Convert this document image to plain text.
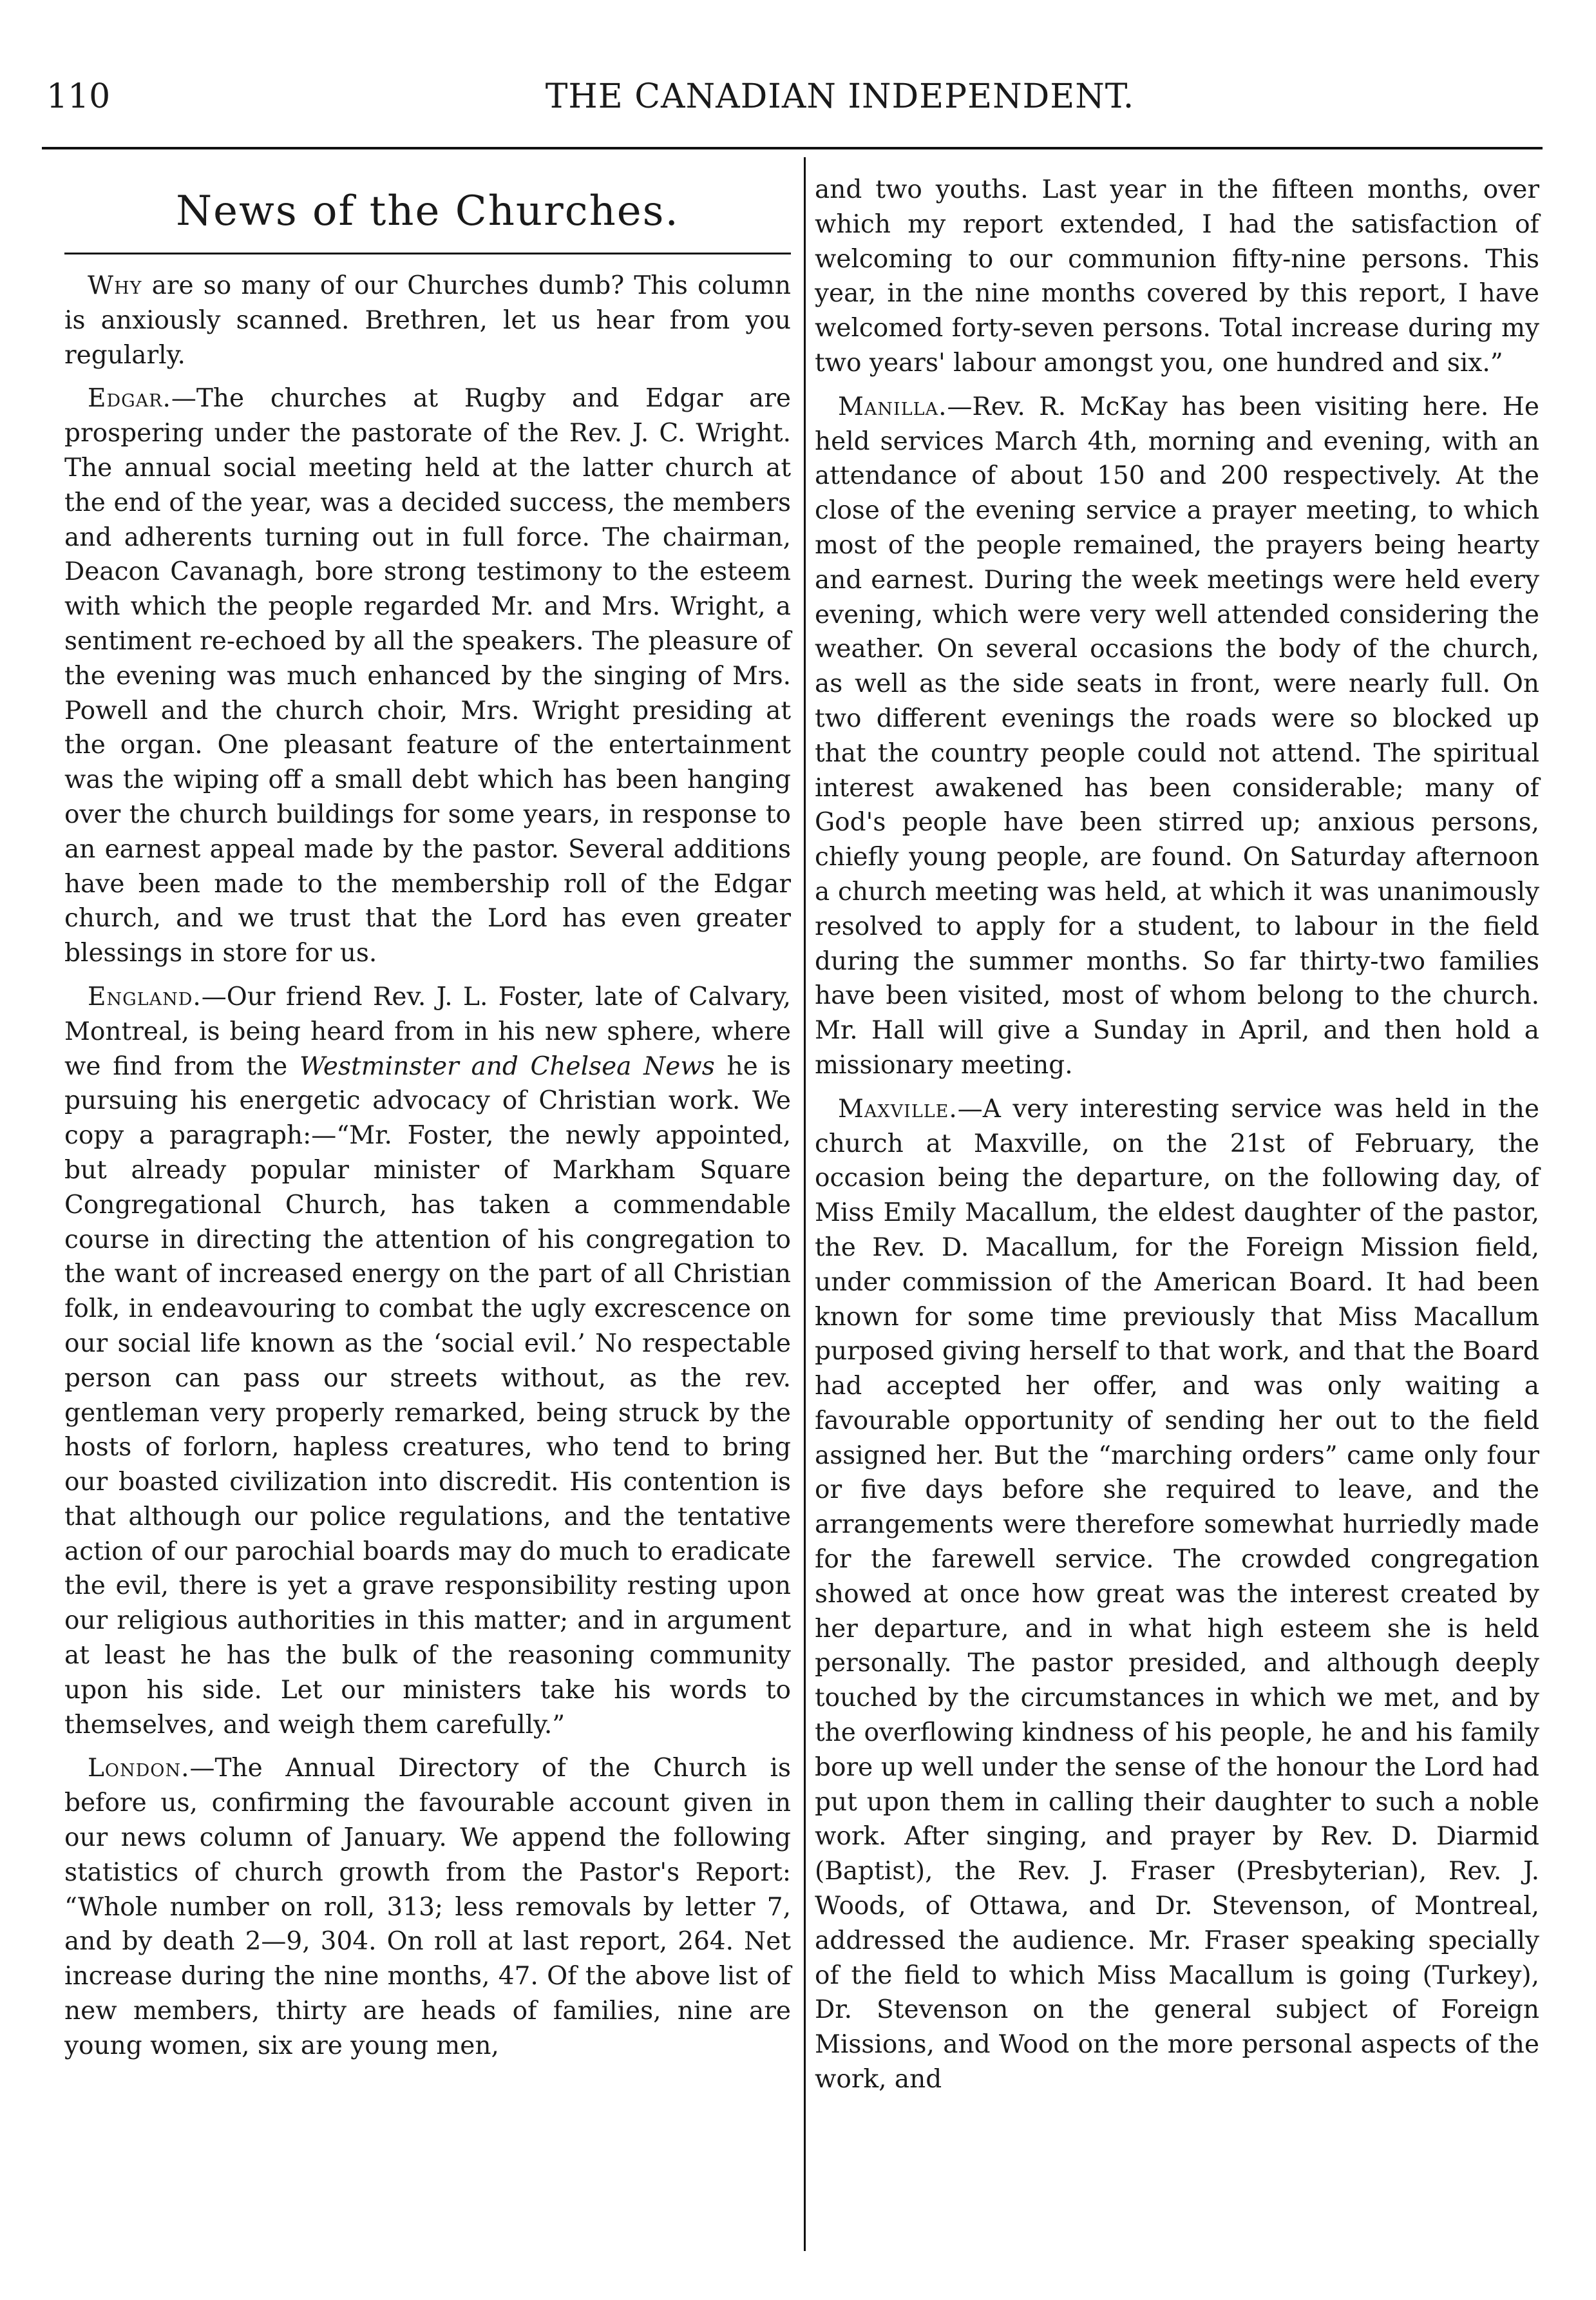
110	THE CANADIAN INDEPENDENT.
News of the Churches.

Why are so many of our Churches dumb? This column is anxiously scanned. Brethren, let us hear from you regularly.

Edgar.—The churches at Rugby and Edgar are prospering under the pastorate of the Rev. J. C. Wright. The annual social meeting held at the latter church at the end of the year, was a decided success, the members and adherents turning out in full force. The chairman, Deacon Cavanagh, bore strong testimony to the esteem with which the people regarded Mr. and Mrs. Wright, a sentiment re-echoed by all the speakers. The pleasure of the evening was much enhanced by the singing of Mrs. Powell and the church choir, Mrs. Wright presiding at the organ. One pleasant feature of the entertainment was the wiping off a small debt which has been hanging over the church buildings for some years, in response to an earnest appeal made by the pastor. Several additions have been made to the membership roll of the Edgar church, and we trust that the Lord has even greater blessings in store for us.

England.—Our friend Rev. J. L. Foster, late of Calvary, Montreal, is being heard from in his new sphere, where we find from the Westminster and Chelsea News he is pursuing his energetic advocacy of Christian work. We copy a paragraph:—“Mr. Foster, the newly appointed, but already popular minister of Markham Square Congregational Church, has taken a commendable course in directing the attention of his congregation to the want of increased energy on the part of all Christian folk, in endeavouring to combat the ugly excrescence on our social life known as the ‘social evil.’ No respectable person can pass our streets without, as the rev. gentleman very properly remarked, being struck by the hosts of forlorn, hapless creatures, who tend to bring our boasted civilization into discredit. His contention is that although our police regulations, and the tentative action of our parochial boards may do much to eradicate the evil, there is yet a grave responsibility resting upon our religious authorities in this matter; and in argument at least he has the bulk of the reasoning community upon his side. Let our ministers take his words to themselves, and weigh them carefully.”

London.—The Annual Directory of the Church is before us, confirming the favourable account given in our news column of January. We append the following statistics of church growth from the Pastor's Report: “Whole number on roll, 313; less removals by letter 7, and by death 2—9, 304. On roll at last report, 264. Net increase during the nine months, 47. Of the above list of new members, thirty are heads of families, nine are young women, six are young men,

and two youths. Last year in the fifteen months, over which my report extended, I had the satisfaction of welcoming to our communion fifty-nine persons. This year, in the nine months covered by this report, I have welcomed forty-seven persons. Total increase during my two years' labour amongst you, one hundred and six.”

Manilla.—Rev. R. McKay has been visiting here. He held services March 4th, morning and evening, with an attendance of about 150 and 200 respectively. At the close of the evening service a prayer meeting, to which most of the people remained, the prayers being hearty and earnest. During the week meetings were held every evening, which were very well attended considering the weather. On several occasions the body of the church, as well as the side seats in front, were nearly full. On two different evenings the roads were so blocked up that the country people could not attend. The spiritual interest awakened has been considerable; many of God's people have been stirred up; anxious persons, chiefly young people, are found. On Saturday afternoon a church meeting was held, at which it was unanimously resolved to apply for a student, to labour in the field during the summer months. So far thirty-two families have been visited, most of whom belong to the church. Mr. Hall will give a Sunday in April, and then hold a missionary meeting.

Maxville.—A very interesting service was held in the church at Maxville, on the 21st of February, the occasion being the departure, on the following day, of Miss Emily Macallum, the eldest daughter of the pastor, the Rev. D. Macallum, for the Foreign Mission field, under commission of the American Board. It had been known for some time previously that Miss Macallum purposed giving herself to that work, and that the Board had accepted her offer, and was only waiting a favourable opportunity of sending her out to the field assigned her. But the “marching orders” came only four or five days before she required to leave, and the arrangements were therefore somewhat hurriedly made for the farewell service. The crowded congregation showed at once how great was the interest created by her departure, and in what high esteem she is held personally. The pastor presided, and although deeply touched by the circumstances in which we met, and by the overflowing kindness of his people, he and his family bore up well under the sense of the honour the Lord had put upon them in calling their daughter to such a noble work. After singing, and prayer by Rev. D. Diarmid (Baptist), the Rev. J. Fraser (Presbyterian), Rev. J. Woods, of Ottawa, and Dr. Stevenson, of Montreal, addressed the audience. Mr. Fraser speaking specially of the field to which Miss Macallum is going (Turkey), Dr. Stevenson on the general subject of Foreign Missions, and Wood on the more personal aspects of the work, and
